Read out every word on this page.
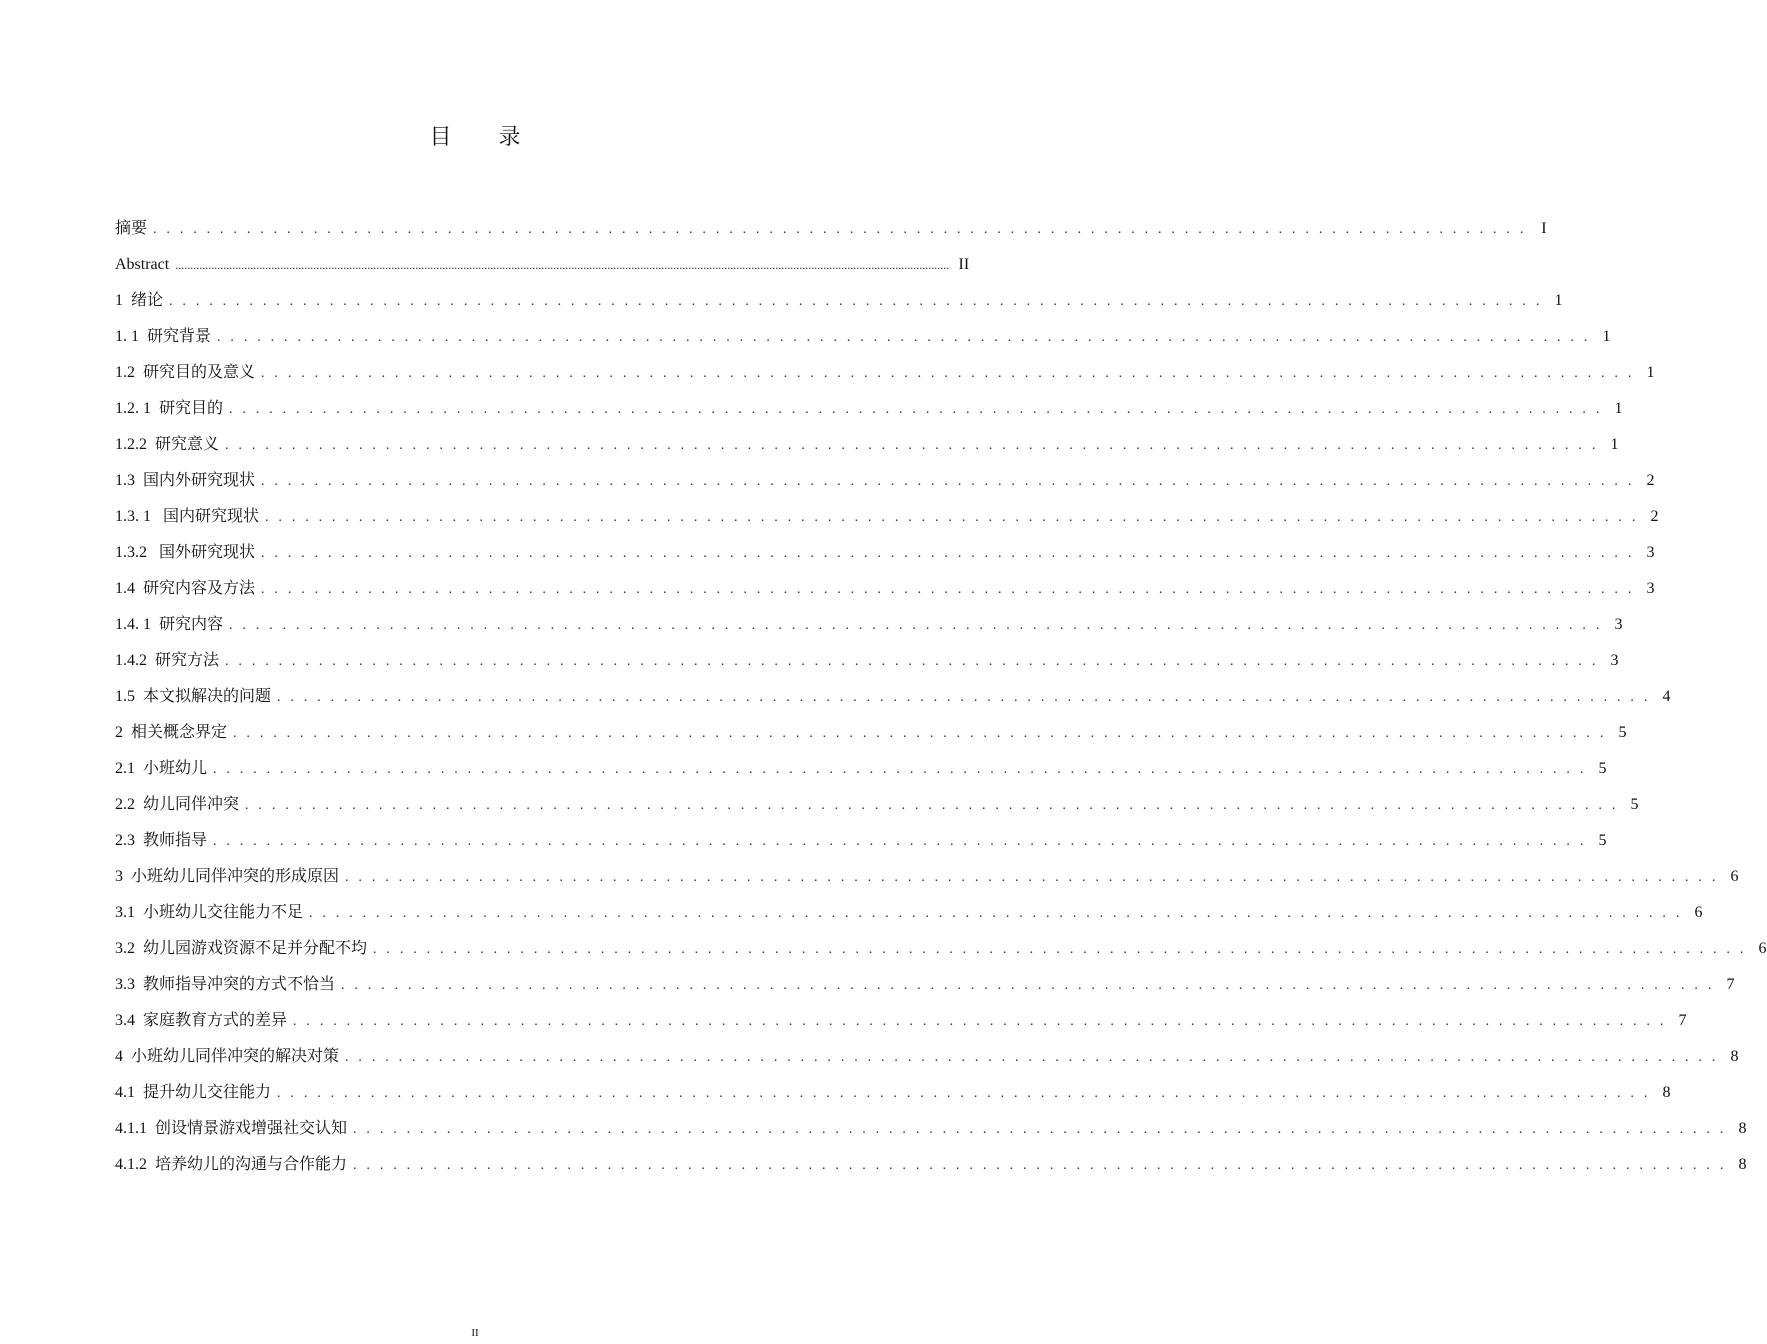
目 录
摘要 . . . . . . . . . . . . . . . . . . . . . . . . . . . . . . . . . . . . . . . . . . . . . . . . . . . . . . . . . . . . . . . . . . . . . . . . . . . . . . . . . . . . . . . . . . . . . . . . . . . . . . . I
Abstract .................................................................................................................................................................................................................................................................. II
1  绪论 . . . . . . . . . . . . . . . . . . . . . . . . . . . . . . . . . . . . . . . . . . . . . . . . . . . . . . . . . . . . . . . . . . . . . . . . . . . . . . . . . . . . . . . . . . . . . . . . . . . . . . . 1
1. 1  研究背景 . . . . . . . . . . . . . . . . . . . . . . . . . . . . . . . . . . . . . . . . . . . . . . . . . . . . . . . . . . . . . . . . . . . . . . . . . . . . . . . . . . . . . . . . . . . . . . . . . . . . . . . 1
1.2  研究目的及意义 . . . . . . . . . . . . . . . . . . . . . . . . . . . . . . . . . . . . . . . . . . . . . . . . . . . . . . . . . . . . . . . . . . . . . . . . . . . . . . . . . . . . . . . . . . . . . . . . . . . . . . . 1
1.2. 1  研究目的 . . . . . . . . . . . . . . . . . . . . . . . . . . . . . . . . . . . . . . . . . . . . . . . . . . . . . . . . . . . . . . . . . . . . . . . . . . . . . . . . . . . . . . . . . . . . . . . . . . . . . . . 1
1.2.2  研究意义 . . . . . . . . . . . . . . . . . . . . . . . . . . . . . . . . . . . . . . . . . . . . . . . . . . . . . . . . . . . . . . . . . . . . . . . . . . . . . . . . . . . . . . . . . . . . . . . . . . . . . . . 1
1.3  国内外研究现状 . . . . . . . . . . . . . . . . . . . . . . . . . . . . . . . . . . . . . . . . . . . . . . . . . . . . . . . . . . . . . . . . . . . . . . . . . . . . . . . . . . . . . . . . . . . . . . . . . . . . . . . 2
1.3. 1   国内研究现状 . . . . . . . . . . . . . . . . . . . . . . . . . . . . . . . . . . . . . . . . . . . . . . . . . . . . . . . . . . . . . . . . . . . . . . . . . . . . . . . . . . . . . . . . . . . . . . . . . . . . . . . 2
1.3.2   国外研究现状 . . . . . . . . . . . . . . . . . . . . . . . . . . . . . . . . . . . . . . . . . . . . . . . . . . . . . . . . . . . . . . . . . . . . . . . . . . . . . . . . . . . . . . . . . . . . . . . . . . . . . . . 3
1.4  研究内容及方法 . . . . . . . . . . . . . . . . . . . . . . . . . . . . . . . . . . . . . . . . . . . . . . . . . . . . . . . . . . . . . . . . . . . . . . . . . . . . . . . . . . . . . . . . . . . . . . . . . . . . . . . 3
1.4. 1  研究内容 . . . . . . . . . . . . . . . . . . . . . . . . . . . . . . . . . . . . . . . . . . . . . . . . . . . . . . . . . . . . . . . . . . . . . . . . . . . . . . . . . . . . . . . . . . . . . . . . . . . . . . . 3
1.4.2  研究方法 . . . . . . . . . . . . . . . . . . . . . . . . . . . . . . . . . . . . . . . . . . . . . . . . . . . . . . . . . . . . . . . . . . . . . . . . . . . . . . . . . . . . . . . . . . . . . . . . . . . . . . . 3
1.5  本文拟解决的问题 . . . . . . . . . . . . . . . . . . . . . . . . . . . . . . . . . . . . . . . . . . . . . . . . . . . . . . . . . . . . . . . . . . . . . . . . . . . . . . . . . . . . . . . . . . . . . . . . . . . . . . . 4
2  相关概念界定 . . . . . . . . . . . . . . . . . . . . . . . . . . . . . . . . . . . . . . . . . . . . . . . . . . . . . . . . . . . . . . . . . . . . . . . . . . . . . . . . . . . . . . . . . . . . . . . . . . . . . . . 5
2.1  小班幼儿 . . . . . . . . . . . . . . . . . . . . . . . . . . . . . . . . . . . . . . . . . . . . . . . . . . . . . . . . . . . . . . . . . . . . . . . . . . . . . . . . . . . . . . . . . . . . . . . . . . . . . . . 5
2.2  幼儿同伴冲突 . . . . . . . . . . . . . . . . . . . . . . . . . . . . . . . . . . . . . . . . . . . . . . . . . . . . . . . . . . . . . . . . . . . . . . . . . . . . . . . . . . . . . . . . . . . . . . . . . . . . . . . 5
2.3  教师指导 . . . . . . . . . . . . . . . . . . . . . . . . . . . . . . . . . . . . . . . . . . . . . . . . . . . . . . . . . . . . . . . . . . . . . . . . . . . . . . . . . . . . . . . . . . . . . . . . . . . . . . . 5
3  小班幼儿同伴冲突的形成原因 . . . . . . . . . . . . . . . . . . . . . . . . . . . . . . . . . . . . . . . . . . . . . . . . . . . . . . . . . . . . . . . . . . . . . . . . . . . . . . . . . . . . . . . . . . . . . . . . . . . . . . . 6
3.1  小班幼儿交往能力不足 . . . . . . . . . . . . . . . . . . . . . . . . . . . . . . . . . . . . . . . . . . . . . . . . . . . . . . . . . . . . . . . . . . . . . . . . . . . . . . . . . . . . . . . . . . . . . . . . . . . . . . . 6
3.2  幼儿园游戏资源不足并分配不均 . . . . . . . . . . . . . . . . . . . . . . . . . . . . . . . . . . . . . . . . . . . . . . . . . . . . . . . . . . . . . . . . . . . . . . . . . . . . . . . . . . . . . . . . . . . . . . . . . . . . . . . 6
3.3  教师指导冲突的方式不恰当 . . . . . . . . . . . . . . . . . . . . . . . . . . . . . . . . . . . . . . . . . . . . . . . . . . . . . . . . . . . . . . . . . . . . . . . . . . . . . . . . . . . . . . . . . . . . . . . . . . . . . . . 7
3.4  家庭教育方式的差异 . . . . . . . . . . . . . . . . . . . . . . . . . . . . . . . . . . . . . . . . . . . . . . . . . . . . . . . . . . . . . . . . . . . . . . . . . . . . . . . . . . . . . . . . . . . . . . . . . . . . . . . 7
4  小班幼儿同伴冲突的解决对策 . . . . . . . . . . . . . . . . . . . . . . . . . . . . . . . . . . . . . . . . . . . . . . . . . . . . . . . . . . . . . . . . . . . . . . . . . . . . . . . . . . . . . . . . . . . . . . . . . . . . . . . 8
4.1  提升幼儿交往能力 . . . . . . . . . . . . . . . . . . . . . . . . . . . . . . . . . . . . . . . . . . . . . . . . . . . . . . . . . . . . . . . . . . . . . . . . . . . . . . . . . . . . . . . . . . . . . . . . . . . . . . . 8
4.1.1  创设情景游戏增强社交认知 . . . . . . . . . . . . . . . . . . . . . . . . . . . . . . . . . . . . . . . . . . . . . . . . . . . . . . . . . . . . . . . . . . . . . . . . . . . . . . . . . . . . . . . . . . . . . . . . . . . . . . . 8
4.1.2  培养幼儿的沟通与合作能力 . . . . . . . . . . . . . . . . . . . . . . . . . . . . . . . . . . . . . . . . . . . . . . . . . . . . . . . . . . . . . . . . . . . . . . . . . . . . . . . . . . . . . . . . . . . . . . . . . . . . . . . 8
II
